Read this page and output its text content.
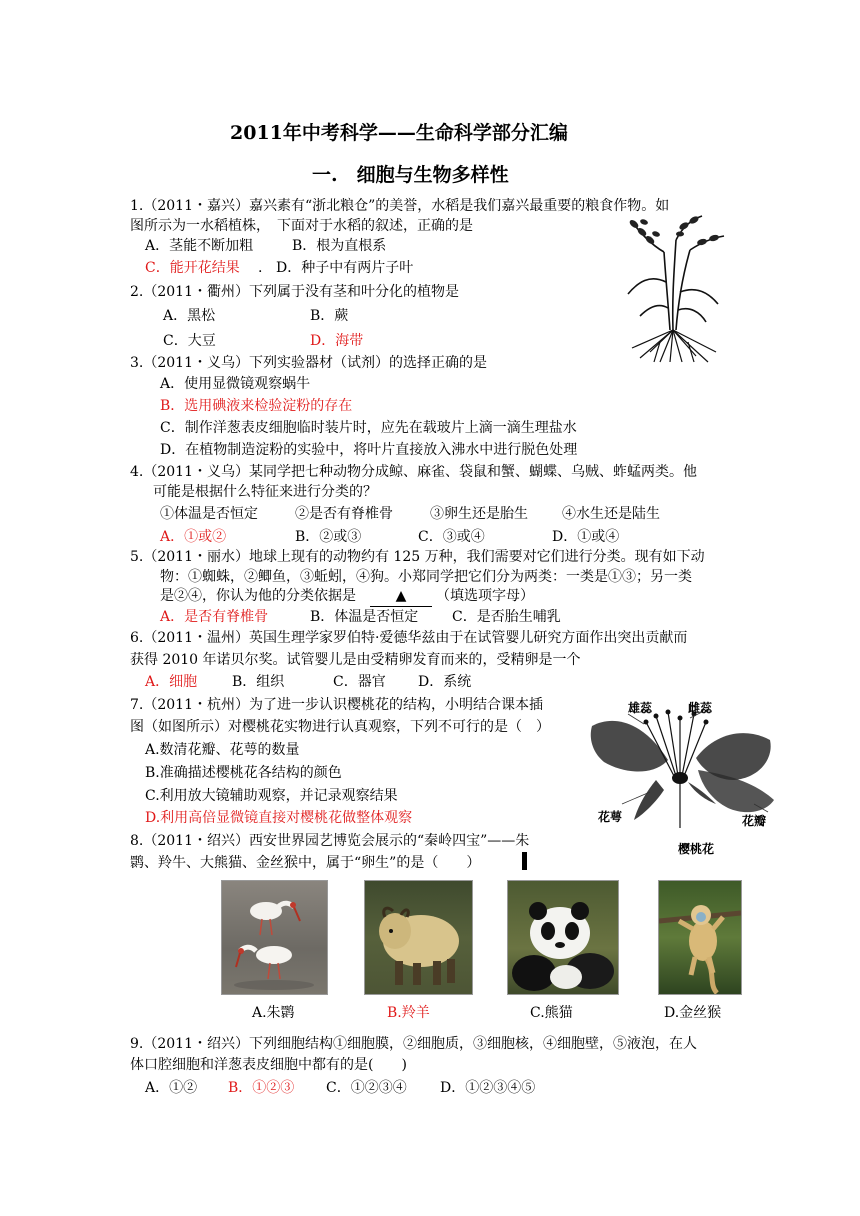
2011年中考科学——生命科学部分汇编
一.　细胞与生物多样性
1.（2011・嘉兴）嘉兴素有“浙北粮仓”的美誉，水稻是我们嘉兴最重要的粮食作物。如
图所示为一水稻植株，　下面对于水稻的叙述，正确的是
A．茎能不断加粗	B．根为直根系
C．能开花结果 . D．种子中有两片子叶
2.（2011・衢州）下列属于没有茎和叶分化的植物是
A．黑松	B．蕨
C．大豆	D．海带
3.（2011・义乌）下列实验器材（试剂）的选择正确的是
A．使用显微镜观察蜗牛
B．选用碘液来检验淀粉的存在
C．制作洋葱表皮细胞临时装片时，应先在载玻片上滴一滴生理盐水
D．在植物制造淀粉的实验中，将叶片直接放入沸水中进行脱色处理
4.（2011・义乌）某同学把七种动物分成鲸、麻雀、袋鼠和蟹、蝴蝶、乌贼、蚱蜢两类。他
可能是根据什么特征来进行分类的？
①体温是否恒定	②是否有脊椎骨	③卵生还是胎生 ④水生还是陆生
A．①或②	B．②或③	C．③或④	D．①或④
5.（2011・丽水）地球上现有的动物约有 125 万种，我们需要对它们进行分类。现有如下动
物：①蜘蛛，②鲫鱼，③蚯蚓，④狗。小郑同学把它们分为两类：一类是①③；另一类
是②④，你认为他的分类依据是	▲	（填选项字母）
A．是否有脊椎骨	B．体温是否恒定 C．是否胎生哺乳
6.（2011・温州）英国生理学家罗伯特·爱德华兹由于在试管婴儿研究方面作出突出贡献而
获得 2010 年诺贝尔奖。试管婴儿是由受精卵发育而来的，受精卵是一个
A．细胞 B．组织	C．器官 D．系统
7.（2011・杭州）为了进一步认识樱桃花的结构，小明结合课本插
图（如图所示）对樱桃花实物进行认真观察，下列不可行的是（　）
A.数清花瓣、花萼的数量
B.准确描述樱桃花各结构的颜色
C.利用放大镜辅助观察，并记录观察结果
D.利用高倍显微镜直接对樱桃花做整体观察
雄蕊	雌蕊
花萼	花瓣
樱桃花
8.（2011・绍兴）西安世界园艺博览会展示的“秦岭四宝”——朱
鹮、羚牛、大熊猫、金丝猴中，属于“卵生”的是（　　）
A.朱鹮	B.羚羊	C.熊猫	D.金丝猴
9.（2011・绍兴）下列细胞结构①细胞膜，②细胞质，③细胞核，④细胞壁，⑤液泡，在人
体口腔细胞和洋葱表皮细胞中都有的是(　　)
A．①② B．①②③ C．①②③④ D．①②③④⑤
